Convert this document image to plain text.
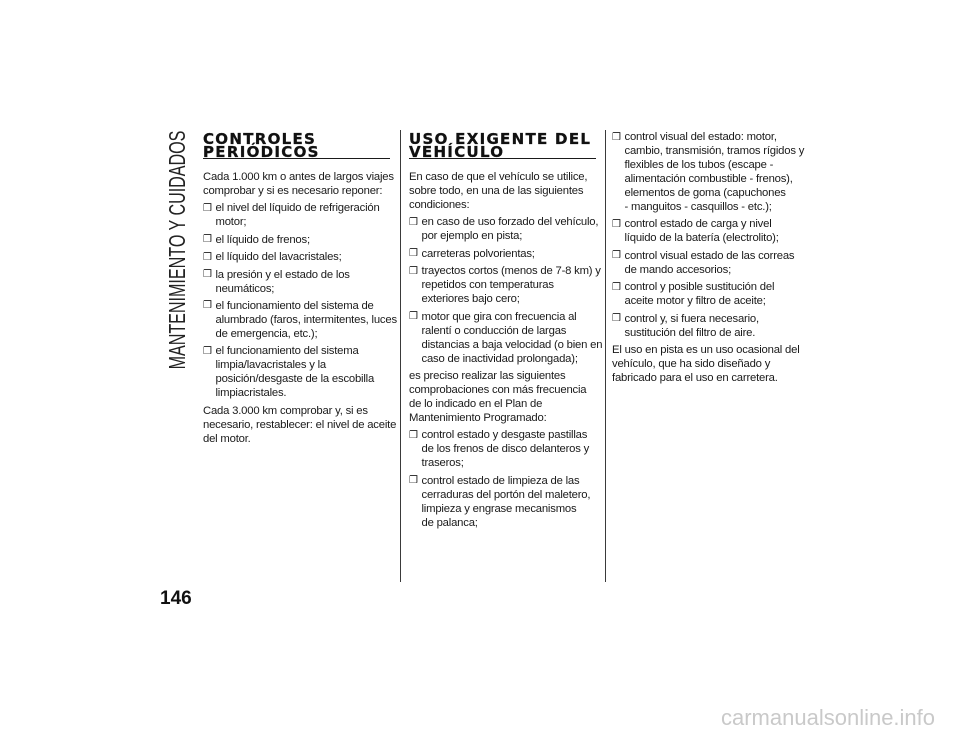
MANTENIMIENTO Y CUIDADOS
146
CONTROLES
PERIÓDICOS
Cada 1.000 km o antes de largos viajes
comprobar y si es necesario reponer:
❒ el nivel del líquido de refrigeración
motor;
❒ el líquido de frenos;
❒ el líquido del lavacristales;
❒ la presión y el estado de los
neumáticos;
❒ el funcionamiento del sistema de
alumbrado (faros, intermitentes, luces
de emergencia, etc.);
❒ el funcionamiento del sistema
limpia/lavacristales y la
posición/desgaste de la escobilla
limpiacristales.
Cada 3.000 km comprobar y, si es
necesario, restablecer: el nivel de aceite
del motor.
USO EXIGENTE DEL
VEHÍCULO
En caso de que el vehículo se utilice,
sobre todo, en una de las siguientes
condiciones:
❒ en caso de uso forzado del vehículo,
por ejemplo en pista;
❒ carreteras polvorientas;
❒ trayectos cortos (menos de 7-8 km) y
repetidos con temperaturas
exteriores bajo cero;
❒ motor que gira con frecuencia al
ralentí o conducción de largas
distancias a baja velocidad (o bien en
caso de inactividad prolongada);
es preciso realizar las siguientes
comprobaciones con más frecuencia
de lo indicado en el Plan de
Mantenimiento Programado:
❒ control estado y desgaste pastillas
de los frenos de disco delanteros y
traseros;
❒ control estado de limpieza de las
cerraduras del portón del maletero,
limpieza y engrase mecanismos
de palanca;
❒ control visual del estado: motor,
cambio, transmisión, tramos rígidos y
flexibles de los tubos (escape -
alimentación combustible - frenos),
elementos de goma (capuchones
- manguitos - casquillos - etc.);
❒ control estado de carga y nivel
líquido de la batería (electrolito);
❒ control visual estado de las correas
de mando accesorios;
❒ control y posible sustitución del
aceite motor y filtro de aceite;
❒ control y, si fuera necesario,
sustitución del filtro de aire.
El uso en pista es un uso ocasional del
vehículo, que ha sido diseñado y
fabricado para el uso en carretera.
carmanualsonline.info
